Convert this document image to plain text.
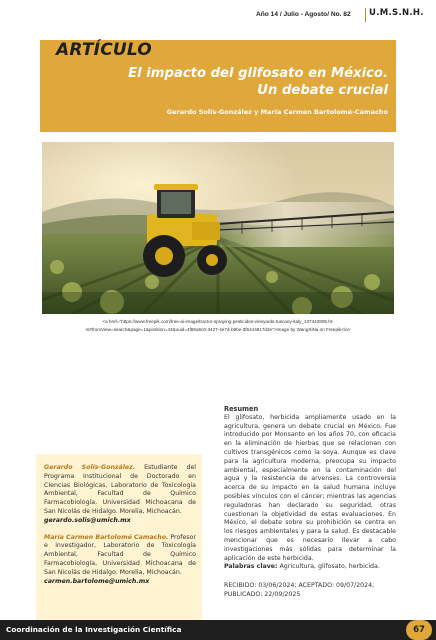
Año 14 / Julio - Agosto/ No. 82 U.M.S.N.H.
ARTÍCULO
El impacto del glifosato en México.
Un debate crucial
Gerardo Solís-González y María Carmen Bartolomé-Camacho
<a href="https://www.freepik.com/free-ai-image/tractor-spraying-pesticides-vineyards-tuscany-italy_137442805.ht-
m#fromView=search&page=1&position=43&uuid=4f89a6c0-3427-4e7d-b9be-3f6444817d2e">Image by WangXiNa on Freepik</a>
Resumen

El glifosato, herbicida ampliamente usado en la agricultura, genera un debate crucial en México. Fue introducido por Monsanto en los años 70, con eficacia en la eliminación de hierbas que se relacionan con cultivos transgénicos como la soya. Aunque es clave para la agricultura moderna, preocupa su impacto ambiental, especialmente en la contaminación del agua y la resistencia de arvenses. La controversia acerca de su impacto en la salud humana incluye posibles vínculos con el cáncer; mientras las agencias reguladoras han declarado su seguridad, otras cuestionan la objetividad de estas evaluaciones. En México, el debate sobre su prohibición se centra en los riesgos ambientales y para la salud. Es destacable mencionar que es necesario llevar a cabo investigaciones más sólidas para determinar la aplicación de este herbicida.

Palabras clave: Agricultura, glifosato, herbicida.

RECIBIDO: 03/06/2024; ACEPTADO: 09/07/2024; PUBLICADO: 22/09/2025

Gerardo Solís-González. Estudiante del Programa Institucional de Doctorado en Ciencias Biológicas, Laboratorio de Toxicología Ambiental, Facultad de Químico Farmacobiología, Universidad Michoacana de San Nicolás de Hidalgo. Morelia, Michoacán.

gerardo.solis@umich.mx

María Carmen Bartolomé Camacho. Profesor e investigador, Laboratorio de Toxicología Ambiental, Facultad de Químico Farmacobiología, Universidad Michoacana de San Nicolás de Hidalgo. Morelia, Michoacán.

carmen.bartolome@umich.mx

Coordinación de la Investigación Científica	67
